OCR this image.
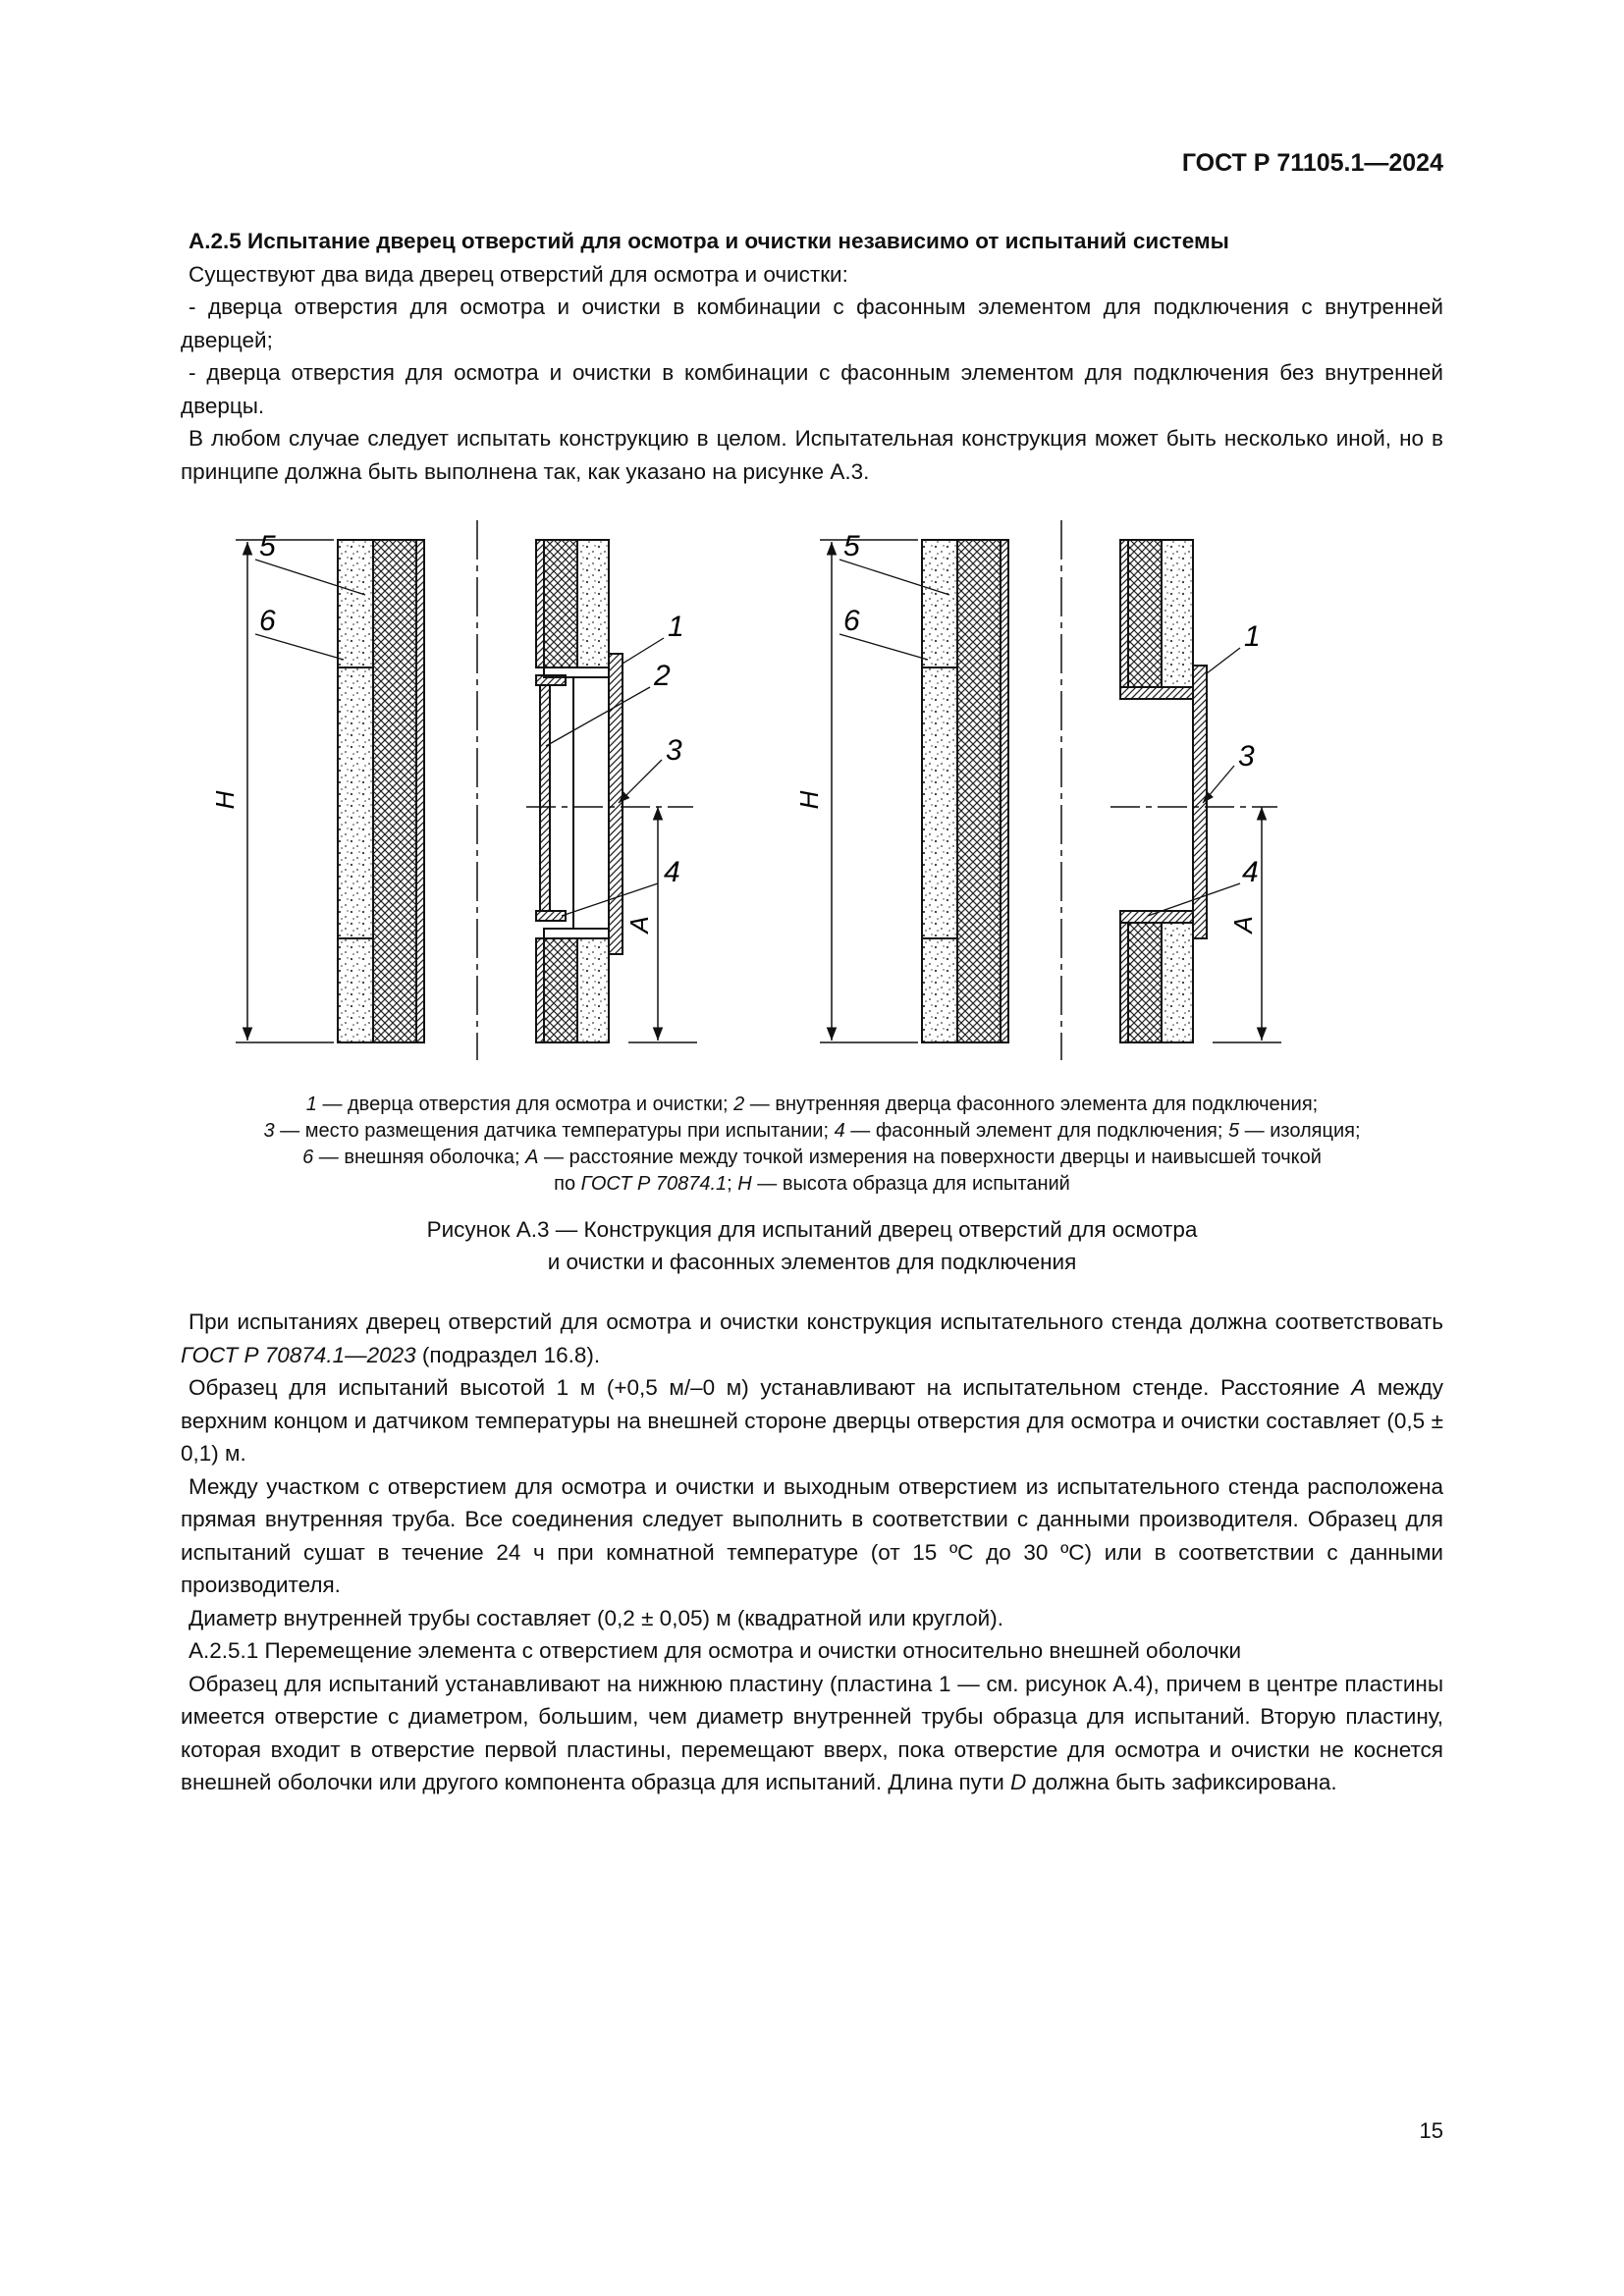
ГОСТ Р 71105.1—2024

А.2.5 Испытание дверец отверстий для осмотра и очистки независимо от испытаний системы

Существуют два вида дверец отверстий для осмотра и очистки:

- дверца отверстия для осмотра и очистки в комбинации с фасонным элементом для подключения с внутренней дверцей;

- дверца отверстия для осмотра и очистки в комбинации с фасонным элементом для подключения без внутренней дверцы.

В любом случае следует испытать конструкцию в целом. Испытательная конструкция может быть несколько иной, но в принципе должна быть выполнена так, как указано на рисунке А.3.

H
A
5
6	1
2
3
4
H
A
5
6	1
3
4
1 — дверца отверстия для осмотра и очистки; 2 — внутренняя дверца фасонного элемента для подключения;
3 — место размещения датчика температуры при испытании; 4 — фасонный элемент для подключения; 5 — изоляция;
6 — внешняя оболочка; А — расстояние между точкой измерения на поверхности дверцы и наивысшей точкой
по ГОСТ Р 70874.1; H — высота образца для испытаний
Рисунок А.3 — Конструкция для испытаний дверец отверстий для осмотра
и очистки и фасонных элементов для подключения

При испытаниях дверец отверстий для осмотра и очистки конструкция испытательного стенда должна соответствовать ГОСТ Р 70874.1—2023 (подраздел 16.8).

Образец для испытаний высотой 1 м (+0,5 м/–0 м) устанавливают на испытательном стенде. Расстояние А между верхним концом и датчиком температуры на внешней стороне дверцы отверстия для осмотра и очистки составляет (0,5 ± 0,1) м.

Между участком с отверстием для осмотра и очистки и выходным отверстием из испытательного стенда расположена прямая внутренняя труба. Все соединения следует выполнить в соответствии с данными производителя. Образец для испытаний сушат в течение 24 ч при комнатной температуре (от 15 ºС до 30 ºС) или в соответствии с данными производителя.

Диаметр внутренней трубы составляет (0,2 ± 0,05) м (квадратной или круглой).

А.2.5.1 Перемещение элемента с отверстием для осмотра и очистки относительно внешней оболочки

Образец для испытаний устанавливают на нижнюю пластину (пластина 1 — см. рисунок А.4), причем в центре пластины имеется отверстие с диаметром, большим, чем диаметр внутренней трубы образца для испытаний. Вторую пластину, которая входит в отверстие первой пластины, перемещают вверх, пока отверстие для осмотра и очистки не коснется внешней оболочки или другого компонента образца для испытаний. Длина пути D должна быть зафиксирована.

15
